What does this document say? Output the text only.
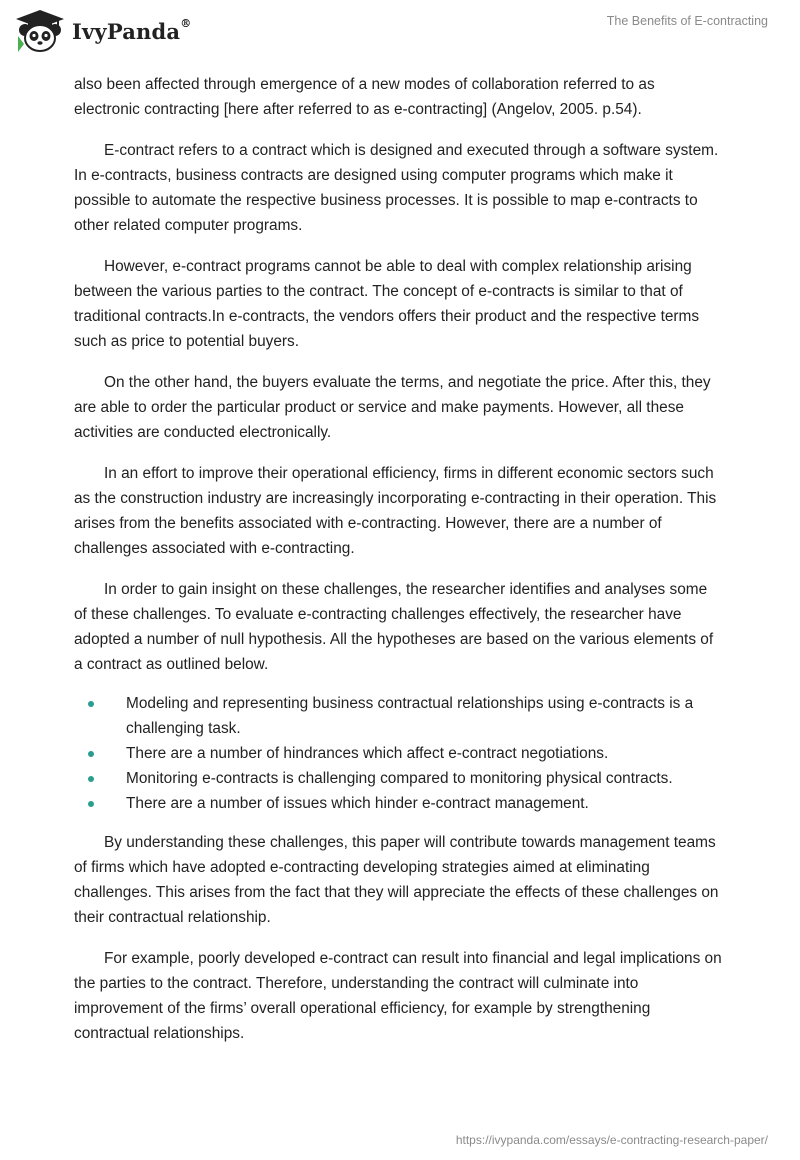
IvyPanda®	The Benefits of E-contracting

also been affected through emergence of a new modes of collaboration referred to as electronic contracting [here after referred to as e-contracting] (Angelov, 2005. p.54).

E-contract refers to a contract which is designed and executed through a software system. In e-contracts, business contracts are designed using computer programs which make it possible to automate the respective business processes. It is possible to map e-contracts to other related computer programs.

However, e-contract programs cannot be able to deal with complex relationship arising between the various parties to the contract. The concept of e-contracts is similar to that of traditional contracts.In e-contracts, the vendors offers their product and the respective terms such as price to potential buyers.

On the other hand, the buyers evaluate the terms, and negotiate the price. After this, they are able to order the particular product or service and make payments. However, all these activities are conducted electronically.

In an effort to improve their operational efficiency, firms in different economic sectors such as the construction industry are increasingly incorporating e-contracting in their operation. This arises from the benefits associated with e-contracting. However, there are a number of challenges associated with e-contracting.

In order to gain insight on these challenges, the researcher identifies and analyses some of these challenges. To evaluate e-contracting challenges effectively, the researcher have adopted a number of null hypothesis. All the hypotheses are based on the various elements of a contract as outlined below.

Modeling and representing business contractual relationships using e-contracts is a challenging task.
There are a number of hindrances which affect e-contract negotiations.
Monitoring e-contracts is challenging compared to monitoring physical contracts.
There are a number of issues which hinder e-contract management.

By understanding these challenges, this paper will contribute towards management teams of firms which have adopted e-contracting developing strategies aimed at eliminating challenges. This arises from the fact that they will appreciate the effects of these challenges on their contractual relationship.

For example, poorly developed e-contract can result into financial and legal implications on the parties to the contract. Therefore, understanding the contract will culminate into improvement of the firms’ overall operational efficiency, for example by strengthening contractual relationships.

https://ivypanda.com/essays/e-contracting-research-paper/
